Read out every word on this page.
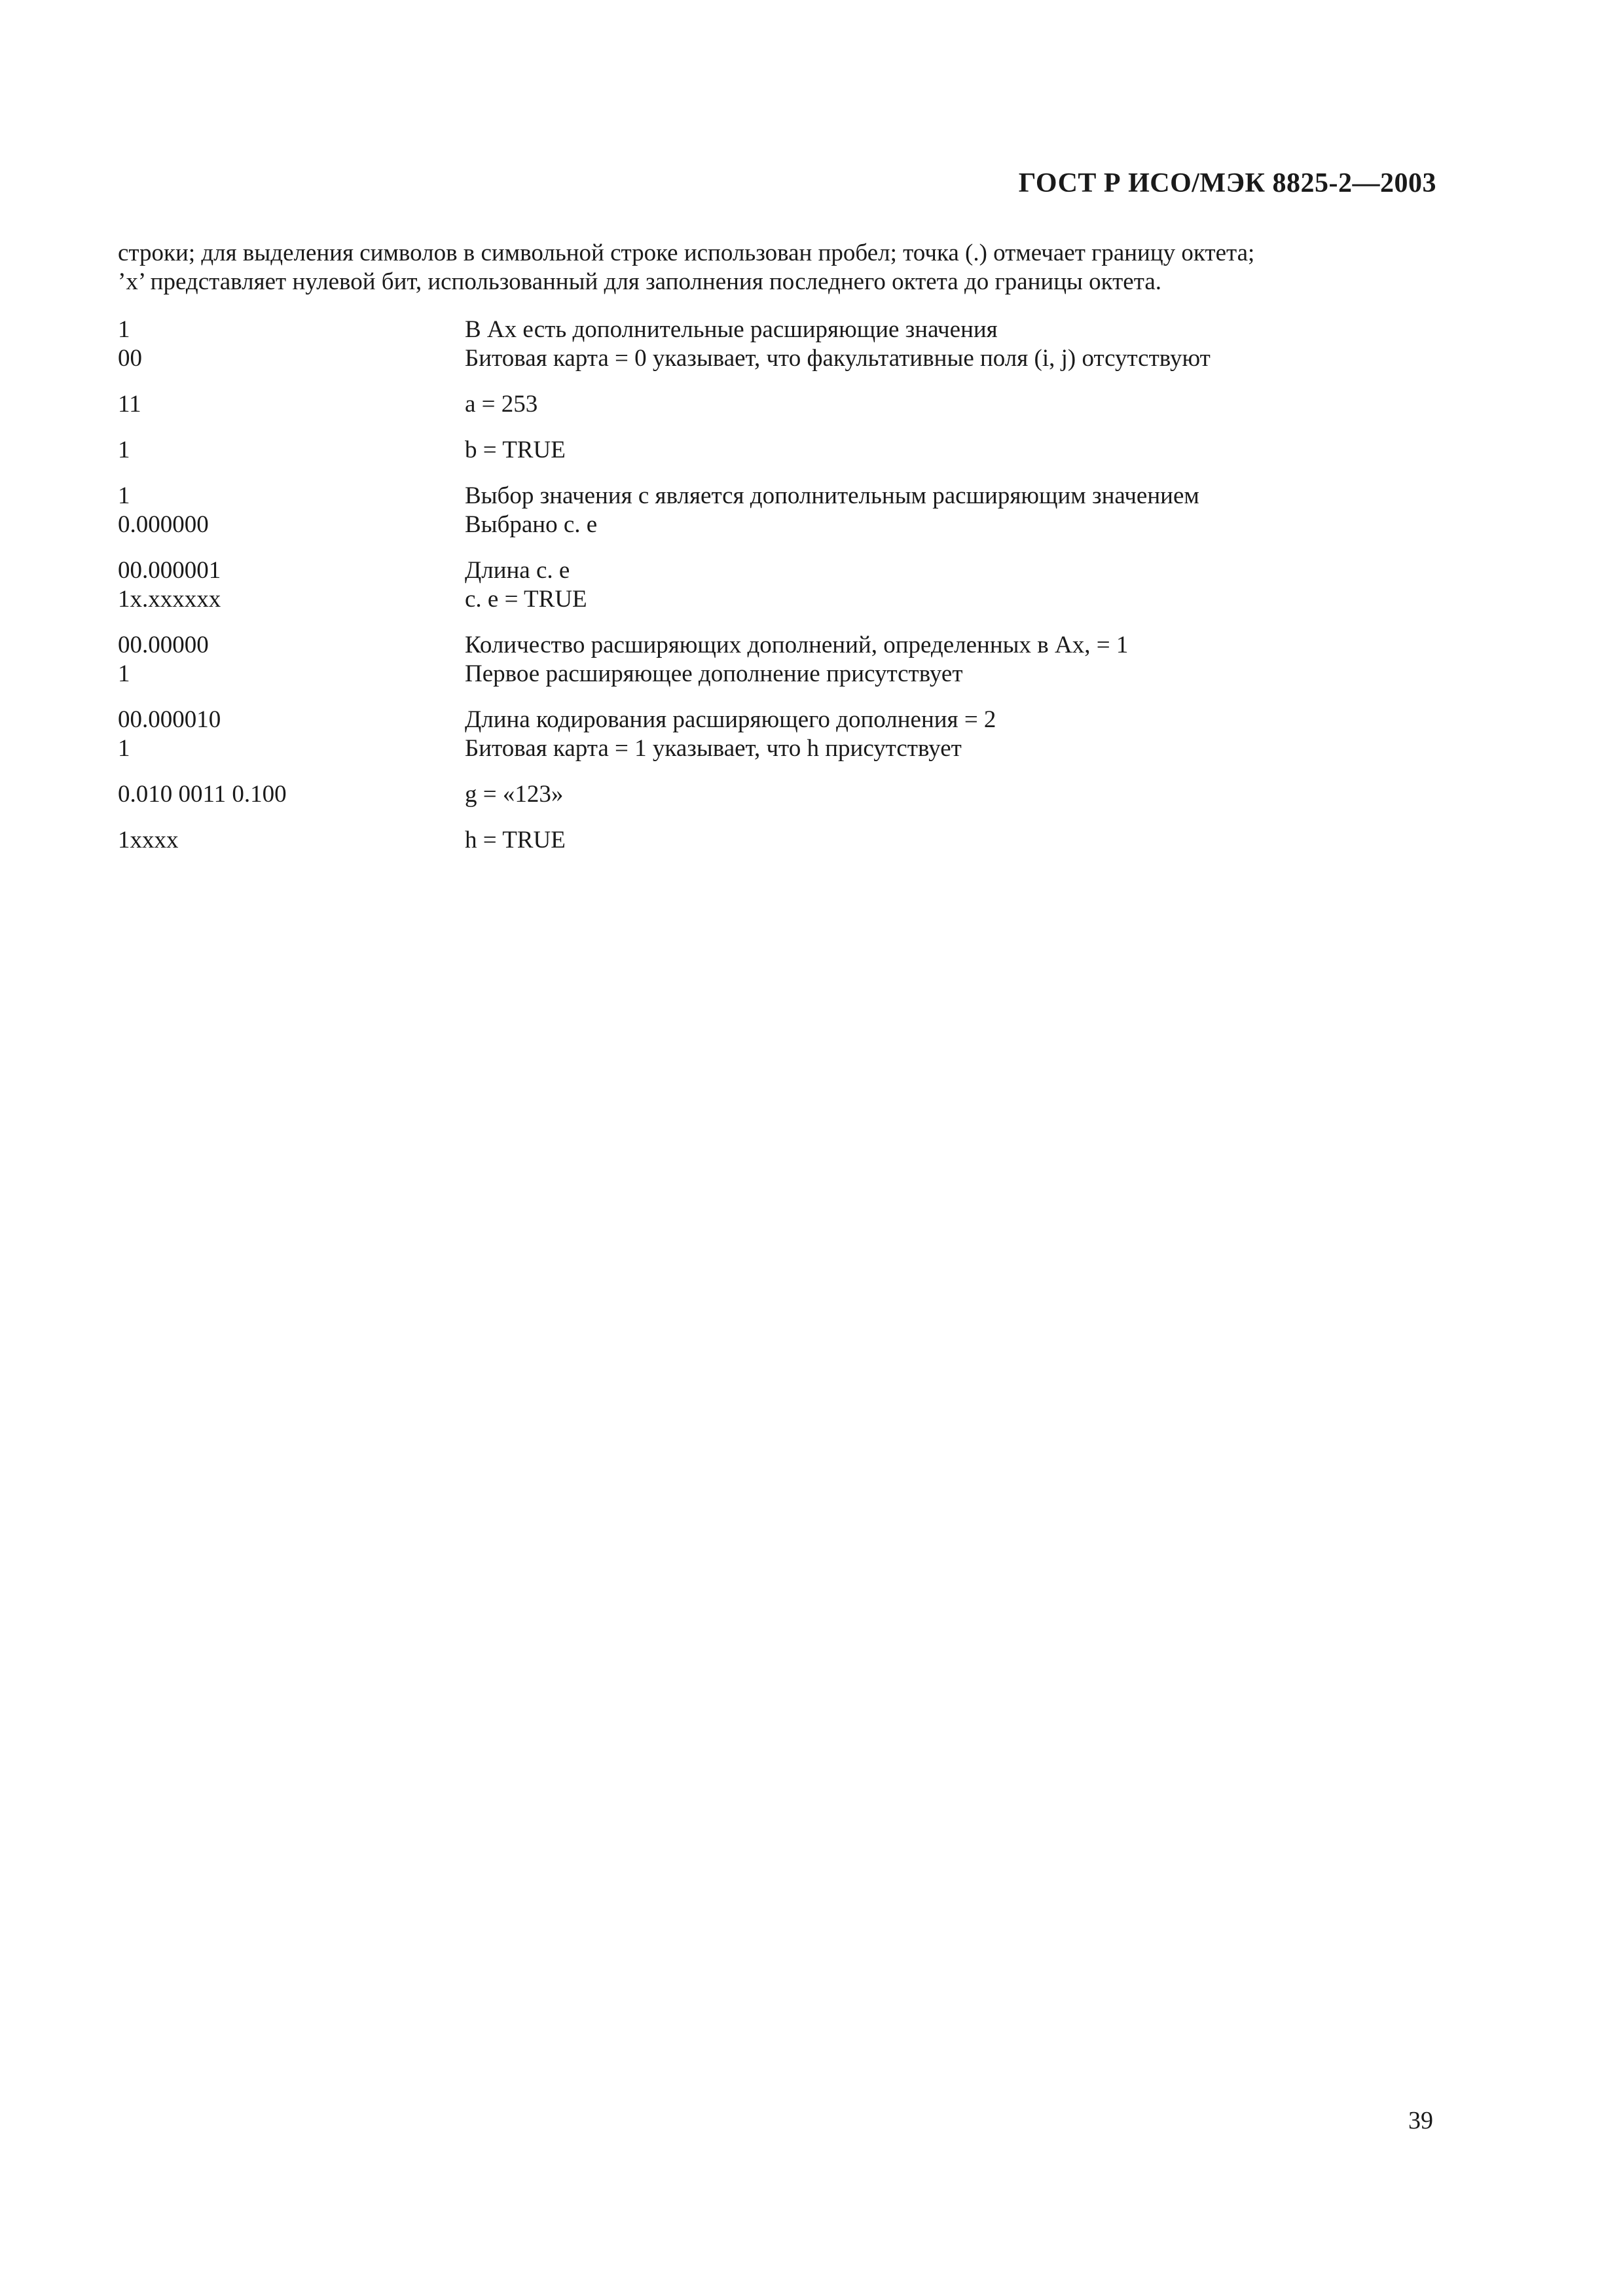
ГОСТ Р ИСО/МЭК 8825-2—2003

строки; для выделения символов в символьной строке использован пробел; точка (.) отмечает границу октета;

’x’ представляет нулевой бит, использованный для заполнения последнего октета до границы октета.

1	В Ax есть дополнительные расширяющие значения
00	Битовая карта = 0 указывает, что факультативные поля (i, j) отсутствуют
11	a = 253
1	b = TRUE
1	Выбор значения c является дополнительным расширяющим значением
0.000000	Выбрано c. e
00.000001	Длина c. e
1x.xxxxxx	c. e = TRUE
00.00000	Количество расширяющих дополнений, определенных в Ax, = 1
1	Первое расширяющее дополнение присутствует
00.000010	Длина кодирования расширяющего дополнения = 2
1	Битовая карта = 1 указывает, что h присутствует
0.010 0011 0.100	g = «123»
1xxxx	h = TRUE
39
